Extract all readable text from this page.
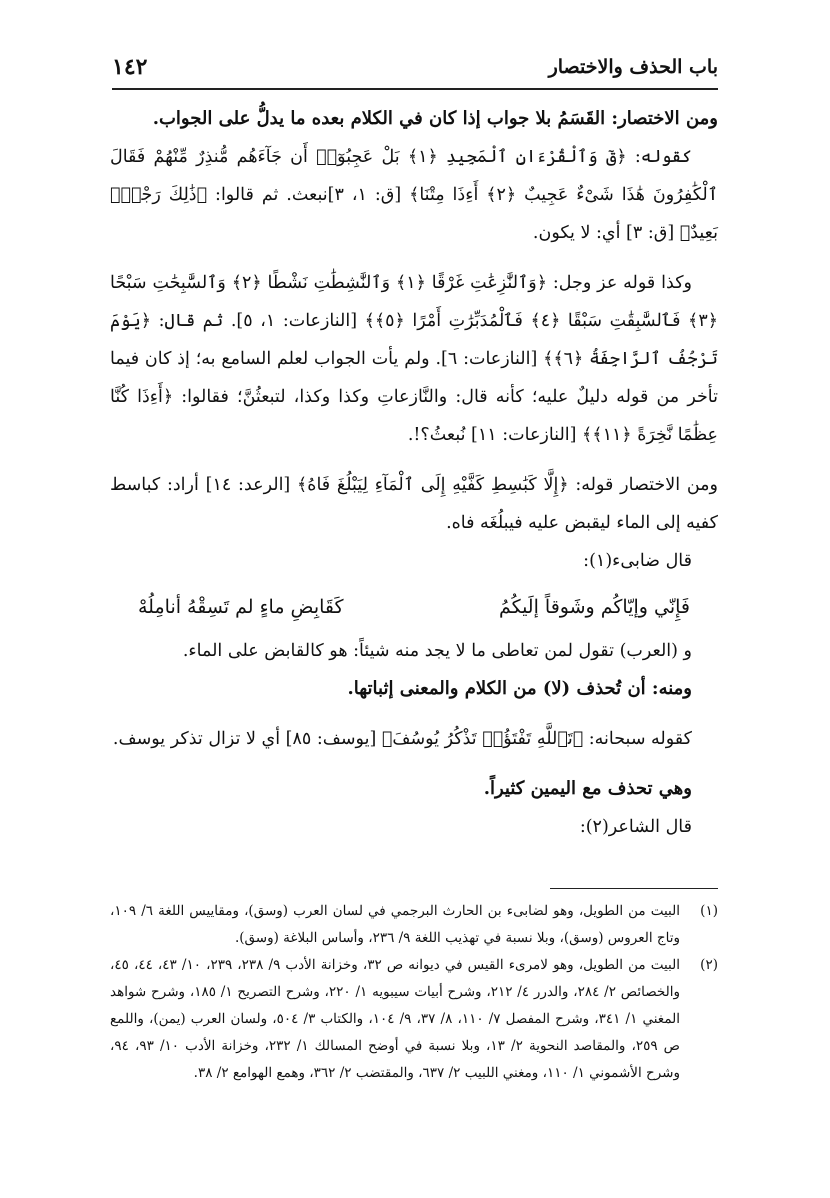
باب الحذف والاختصار
١٤٢

ومن الاختصار: القَسَمُ بلا جواب إذا كان في الكلام بعده ما يدلُّ على الجواب.

كقوله: ﴿قٓ وَٱلْقُرْءَانِ ٱلْمَجِيدِ ﴿١﴾ بَلْ عَجِبُوٓا۟ أَن جَآءَهُم مُّنذِرٌ مِّنْهُمْ فَقَالَ ٱلْكَٰفِرُونَ هَٰذَا شَىْءٌ عَجِيبٌ ﴿٢﴾ أَءِذَا مِتْنَا﴾ [ق: ١، ٣]نبعث. ثم قالوا: ﴿ذَٰلِكَ رَجْعٌۢ بَعِيدٌ﴾ [ق: ٣] أي: لا يكون.

وكذا قوله عز وجل: ﴿وَٱلنَّٰزِعَٰتِ غَرْقًا ﴿١﴾ وَٱلنَّٰشِطَٰتِ نَشْطًا ﴿٢﴾ وَٱلسَّٰبِحَٰتِ سَبْحًا ﴿٣﴾ فَٱلسَّٰبِقَٰتِ سَبْقًا ﴿٤﴾ فَٱلْمُدَبِّرَٰتِ أَمْرًا ﴿٥﴾﴾ [النازعات: ١، ٥]. ثم قال: ﴿يَوْمَ تَرْجُفُ ٱلرَّاجِفَةُ ﴿٦﴾﴾ [النازعات: ٦]. ولم يأت الجواب لعلم السامع به؛ إذ كان فيما تأخر من قوله دليلٌ عليه؛ كأنه قال: والنَّازعاتِ وكذا وكذا، لتبعثُنَّ؛ فقالوا: ﴿أَءِذَا كُنَّا عِظَٰمًا نَّخِرَةً ﴿١١﴾﴾ [النازعات: ١١] نُبعثُ؟!.

ومن الاختصار قوله: ﴿إِلَّا كَبَٰسِطِ كَفَّيْهِ إِلَى ٱلْمَآءِ لِيَبْلُغَ فَاهُ﴾ [الرعد: ١٤] أراد: كباسط كفيه إلى الماء ليقبض عليه فيبلُغَه فاه.

قال ضابىء(١):

فَإِنّي وإيّاكُم وشَوقاً إلَيكُمُ
كَقَابِضِ ماءٍ لم تَسِقْهُ أنامِلُهْ

و (العرب) تقول لمن تعاطى ما لا يجد منه شيئاً: هو كالقابض على الماء.

ومنه: أن تُحذف (لا) من الكلام والمعنى إثباتها.

كقوله سبحانه: ﴿تَٱللَّهِ تَفْتَؤُا۟ تَذْكُرُ يُوسُفَ﴾ [يوسف: ٨٥] أي لا تزال تذكر يوسف.

وهي تحذف مع اليمين كثيراً.

قال الشاعر(٢):

(١)
البيت من الطويل، وهو لضابىء بن الحارث البرجمي في لسان العرب (وسق)، ومقاييس اللغة ٦/ ١٠٩، وتاج العروس (وسق)، وبلا نسبة في تهذيب اللغة ٩/ ٢٣٦، وأساس البلاغة (وسق).
(٢)
البيت من الطويل، وهو لامرىء القيس في ديوانه ص ٣٢، وخزانة الأدب ٩/ ٢٣٨، ٢٣٩، ١٠/ ٤٣، ٤٤، ٤٥، والخصائص ٢/ ٢٨٤، والدرر ٤/ ٢١٢، وشرح أبيات سيبويه ١/ ٢٢٠، وشرح التصريح ١/ ١٨٥، وشرح شواهد المغني ١/ ٣٤١، وشرح المفصل ٧/ ١١٠، ٨/ ٣٧، ٩/ ١٠٤، والكتاب ٣/ ٥٠٤، ولسان العرب (يمن)، واللمع ص ٢٥٩، والمقاصد النحوية ٢/ ١٣، وبلا نسبة في أوضح المسالك ١/ ٢٣٢، وخزانة الأدب ١٠/ ٩٣، ٩٤، وشرح الأشموني ١/ ١١٠، ومغني اللبيب ٢/ ٦٣٧، والمقتضب ٢/ ٣٦٢، وهمع الهوامع ٢/ ٣٨.
